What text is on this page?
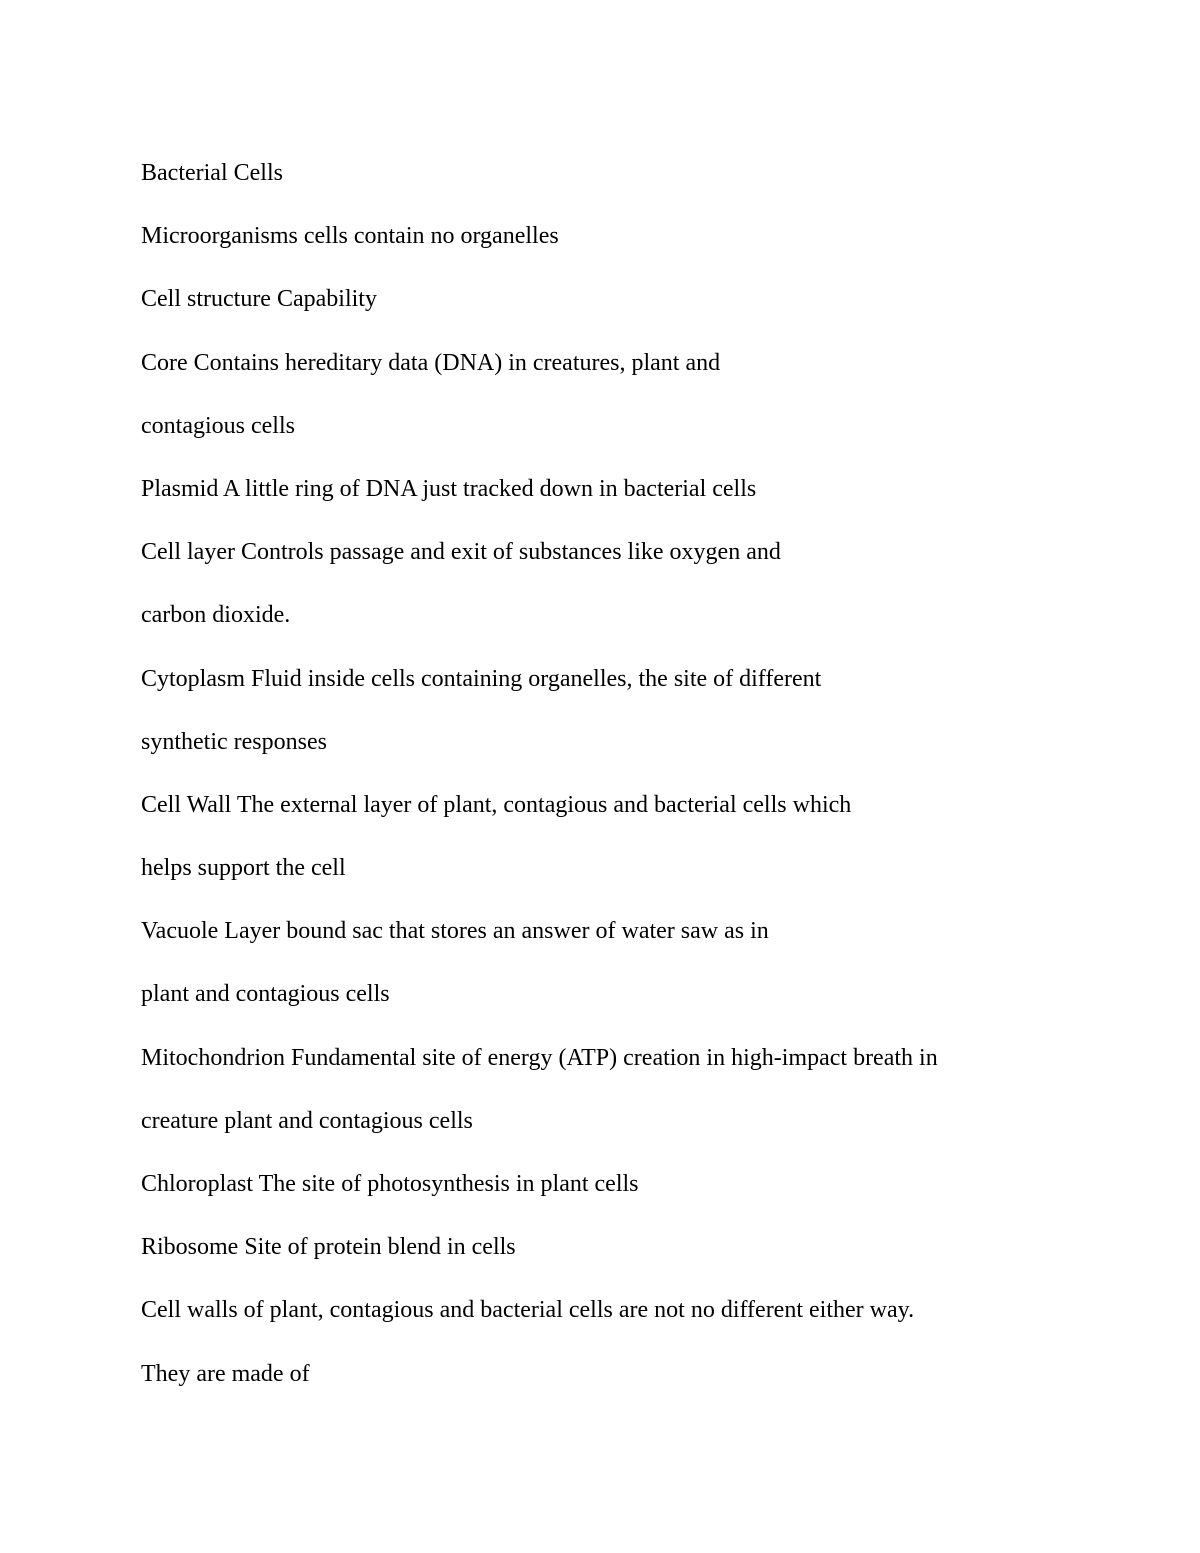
Bacterial Cells
Microorganisms cells contain no organelles
Cell structure Capability
Core Contains hereditary data (DNA) in creatures, plant and
contagious cells
Plasmid A little ring of DNA just tracked down in bacterial cells
Cell layer Controls passage and exit of substances like oxygen and
carbon dioxide.
Cytoplasm Fluid inside cells containing organelles, the site of different
synthetic responses
Cell Wall The external layer of plant, contagious and bacterial cells which
helps support the cell
Vacuole Layer bound sac that stores an answer of water saw as in
plant and contagious cells
Mitochondrion Fundamental site of energy (ATP) creation in high-impact breath in
creature plant and contagious cells
Chloroplast The site of photosynthesis in plant cells
Ribosome Site of protein blend in cells
Cell walls of plant, contagious and bacterial cells are not no different either way.
They are made of
